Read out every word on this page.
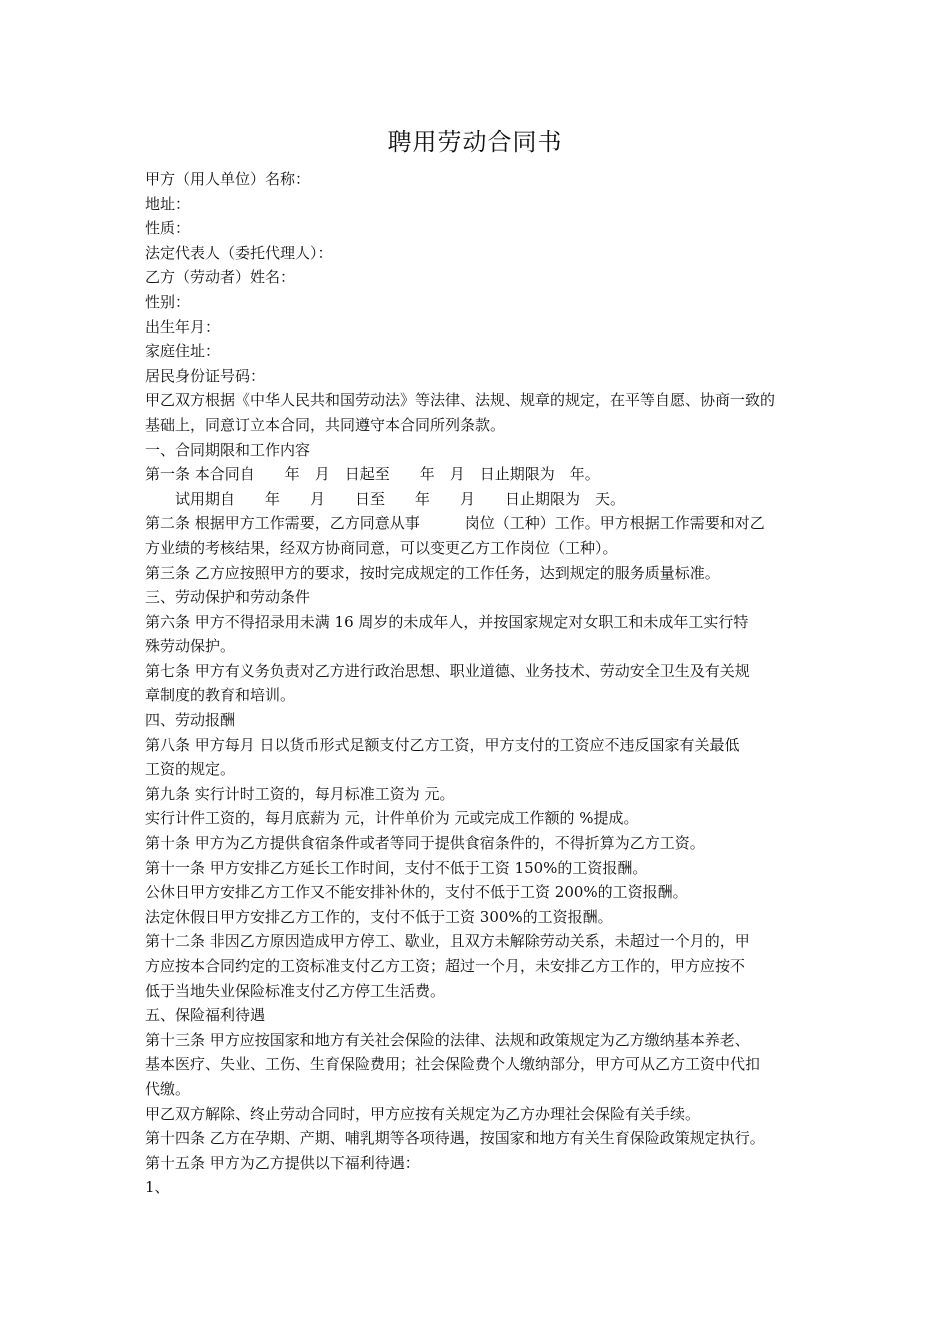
聘用劳动合同书
甲方（用人单位）名称：
地址：
性质：
法定代表人（委托代理人）：
乙方（劳动者）姓名：
性别：
出生年月：
家庭住址：
居民身份证号码：
甲乙双方根据《中华人民共和国劳动法》等法律、法规、规章的规定，在平等自愿、协商一致的
基础上，同意订立本合同，共同遵守本合同所列条款。
一、合同期限和工作内容
第一条 本合同自　　年　月　日起至　　年　月　日止期限为　年。
　　试用期自　　年　　月　　日至　　年　　月　　日止期限为　天。
第二条 根据甲方工作需要，乙方同意从事　　　岗位（工种）工作。甲方根据工作需要和对乙
方业绩的考核结果，经双方协商同意，可以变更乙方工作岗位（工种）。
第三条 乙方应按照甲方的要求，按时完成规定的工作任务，达到规定的服务质量标准。
三、劳动保护和劳动条件
第六条 甲方不得招录用未满 16 周岁的未成年人，并按国家规定对女职工和未成年工实行特
殊劳动保护。
第七条 甲方有义务负责对乙方进行政治思想、职业道德、业务技术、劳动安全卫生及有关规
章制度的教育和培训。
四、劳动报酬
第八条 甲方每月 日以货币形式足额支付乙方工资，甲方支付的工资应不违反国家有关最低
工资的规定。
第九条 实行计时工资的，每月标准工资为 元。
实行计件工资的，每月底薪为 元，计件单价为 元或完成工作额的 %提成。
第十条 甲方为乙方提供食宿条件或者等同于提供食宿条件的，不得折算为乙方工资。
第十一条 甲方安排乙方延长工作时间，支付不低于工资 150%的工资报酬。
公休日甲方安排乙方工作又不能安排补休的，支付不低于工资 200%的工资报酬。
法定休假日甲方安排乙方工作的，支付不低于工资 300%的工资报酬。
第十二条 非因乙方原因造成甲方停工、歇业，且双方未解除劳动关系，未超过一个月的，甲
方应按本合同约定的工资标准支付乙方工资；超过一个月，未安排乙方工作的，甲方应按不
低于当地失业保险标准支付乙方停工生活费。
五、保险福利待遇
第十三条 甲方应按国家和地方有关社会保险的法律、法规和政策规定为乙方缴纳基本养老、
基本医疗、失业、工伤、生育保险费用；社会保险费个人缴纳部分，甲方可从乙方工资中代扣
代缴。
甲乙双方解除、终止劳动合同时，甲方应按有关规定为乙方办理社会保险有关手续。
第十四条 乙方在孕期、产期、哺乳期等各项待遇，按国家和地方有关生育保险政策规定执行。
第十五条 甲方为乙方提供以下福利待遇：
1、
